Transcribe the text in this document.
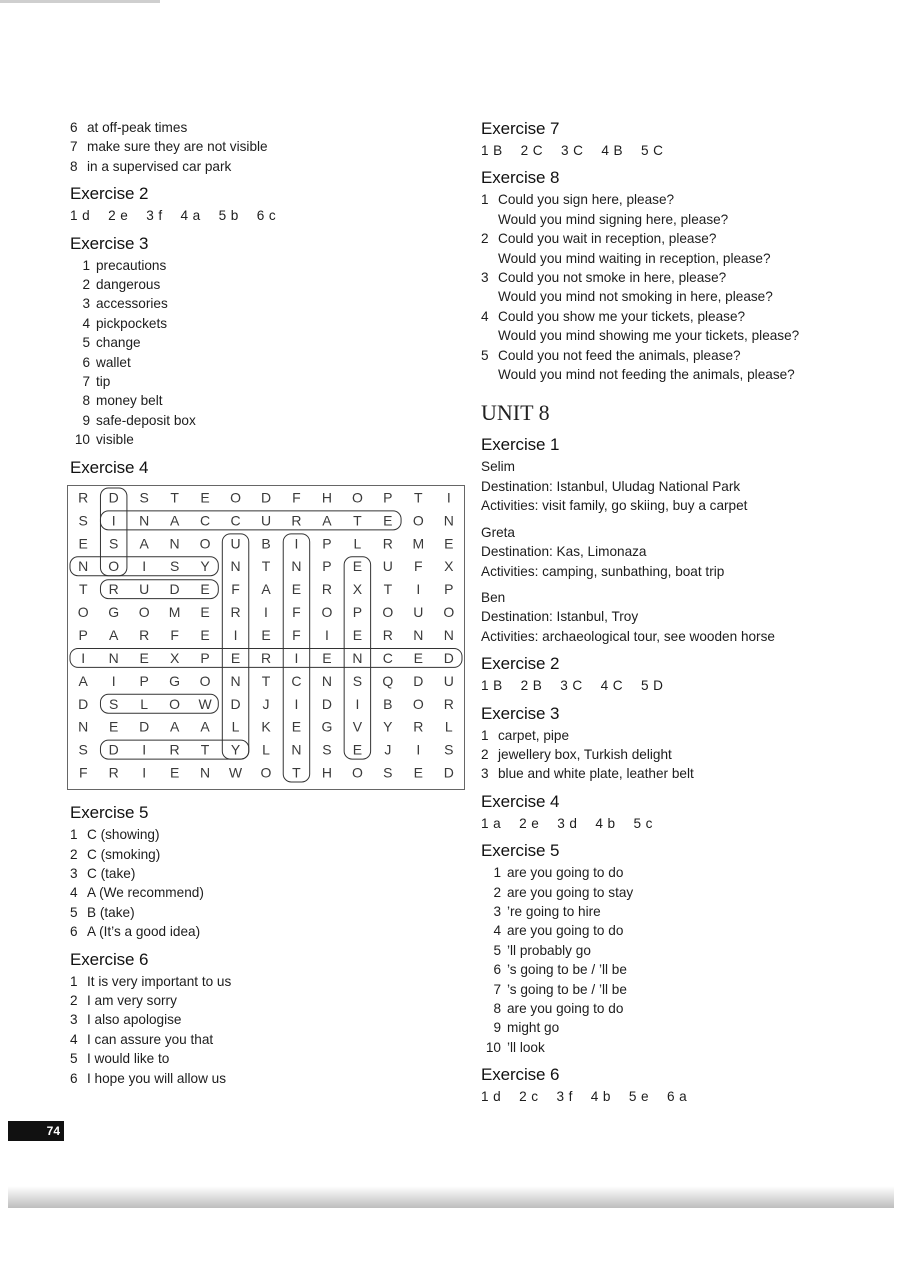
6 at off-peak times
7 make sure they are not visible
8 in a supervised car park
Exercise 2
1 d 2 e 3 f 4 a 5 b 6 c
Exercise 3
1 precautions
2 dangerous
3 accessories
4 pickpockets
5 change
6 wallet
7 tip
8 money belt
9 safe-deposit box
10 visible
Exercise 4
R D S T E O D F H O P T I
S I N A C C U R A T E O N
E S A N O U B I P L R M E
N O I S Y N T N P E U F X
T R U D E F A E R X T I P
O G O M E R I F O P O U O
P A R F E I E F I E R N N
I N E X P E R I E N C E D
A I P G O N T C N S Q D U
D S L O W D J I D I B O R
N E D A A L K E G V Y R L
S D I R T Y L N S E J I S
F R I E N W O T H O S E D
Exercise 5
1 C (showing)
2 C (smoking)
3 C (take)
4 A (We recommend)
5 B (take)
6 A (It’s a good idea)
Exercise 6
1 It is very important to us
2 I am very sorry
3 I also apologise
4 I can assure you that
5 I would like to
6 I hope you will allow us
Exercise 7
1 B 2 C 3 C 4 B 5 C
Exercise 8
1 Could you sign here, please?
Would you mind signing here, please?
2 Could you wait in reception, please?
Would you mind waiting in reception, please?
3 Could you not smoke in here, please?
Would you mind not smoking in here, please?
4 Could you show me your tickets, please?
Would you mind showing me your tickets, please?
5 Could you not feed the animals, please?
Would you mind not feeding the animals, please?
UNIT 8
Exercise 1
Selim
Destination: Istanbul, Uludag National Park
Activities: visit family, go skiing, buy a carpet
Greta
Destination: Kas, Limonaza
Activities: camping, sunbathing, boat trip
Ben
Destination: Istanbul, Troy
Activities: archaeological tour, see wooden horse
Exercise 2
1 B 2 B 3 C 4 C 5 D
Exercise 3
1 carpet, pipe
2 jewellery box, Turkish delight
3 blue and white plate, leather belt
Exercise 4
1 a 2 e 3 d 4 b 5 c
Exercise 5
1 are you going to do
2 are you going to stay
3 ’re going to hire
4 are you going to do
5 ’ll probably go
6 ’s going to be / ’ll be
7 ’s going to be / ’ll be
8 are you going to do
9 might go
10 ’ll look
Exercise 6
1 d 2 c 3 f 4 b 5 e 6 a
74
